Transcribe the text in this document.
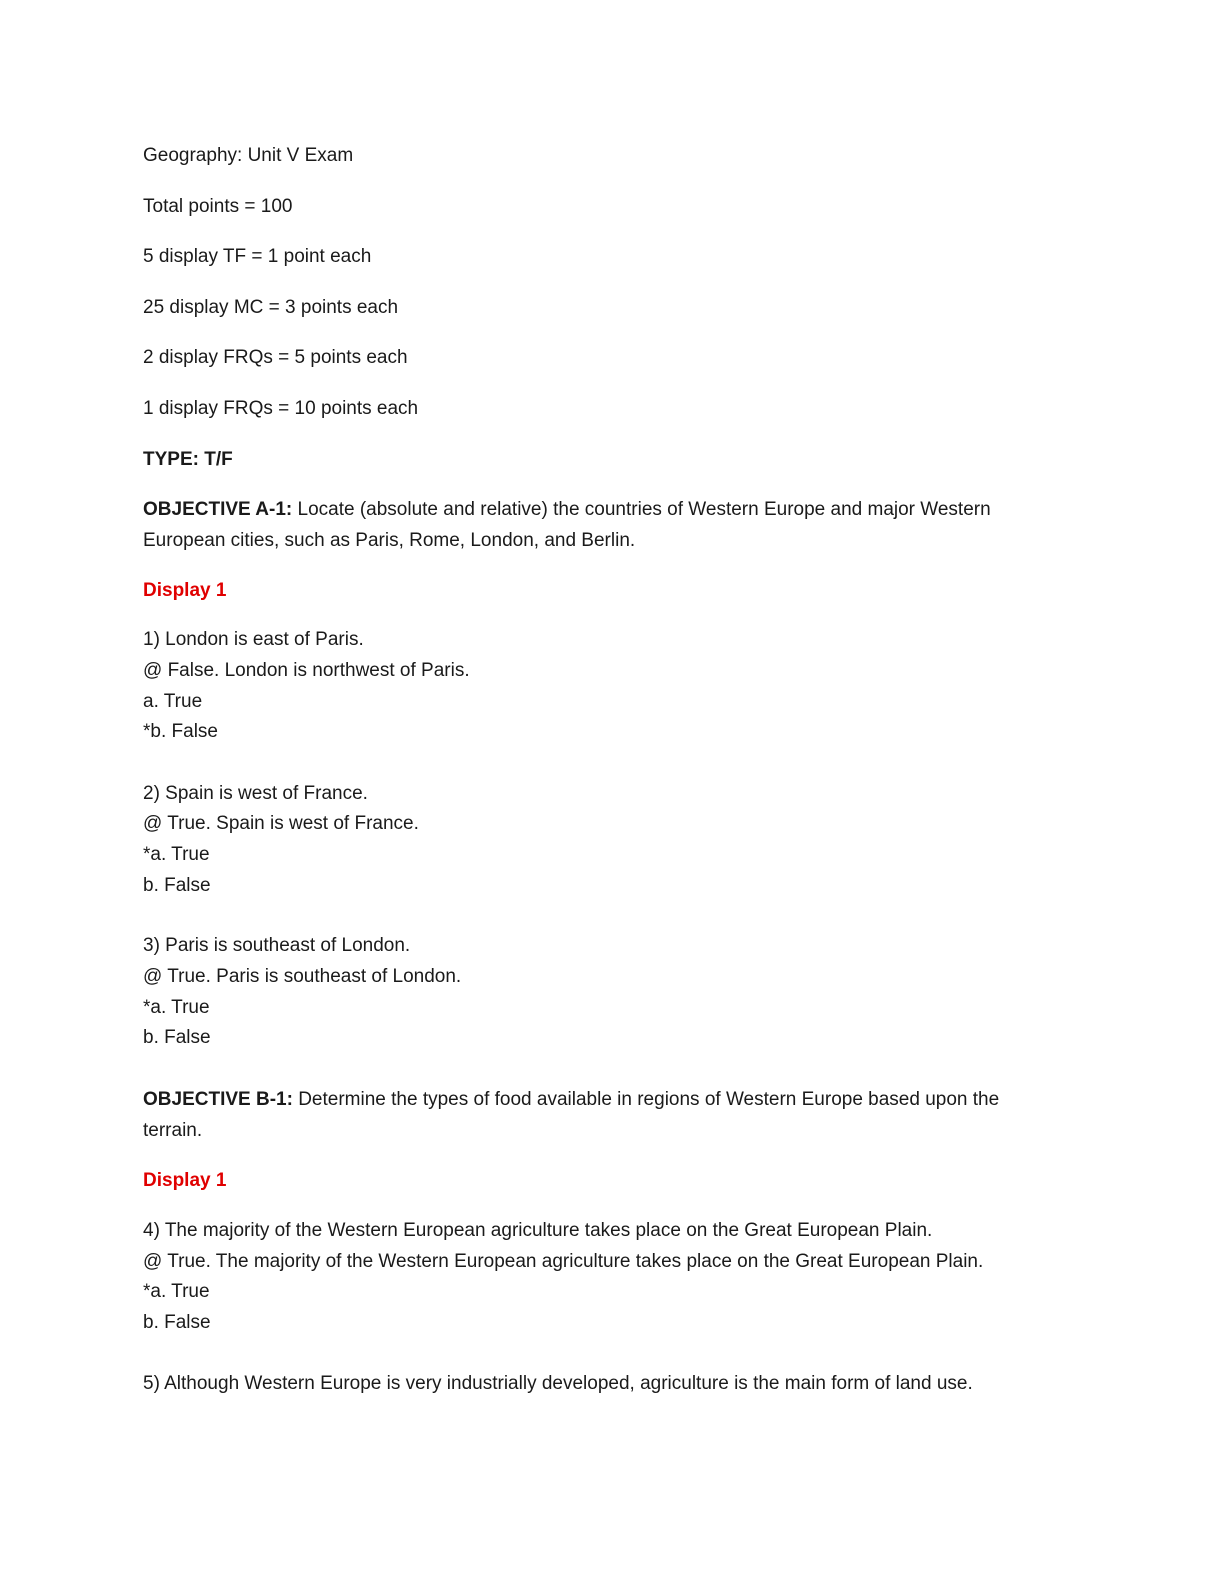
Geography: Unit V Exam
Total points = 100
5 display TF = 1 point each
25 display MC = 3 points each
2 display FRQs = 5 points each
1 display FRQs = 10 points each
TYPE: T/F
OBJECTIVE A-1: Locate (absolute and relative) the countries of Western Europe and major Western
European cities, such as Paris, Rome, London, and Berlin.
Display 1
1) London is east of Paris.
@ False. London is northwest of Paris.
a. True
*b. False
2) Spain is west of France.
@ True. Spain is west of France.
*a. True
b. False
3) Paris is southeast of London.
@ True. Paris is southeast of London.
*a. True
b. False
OBJECTIVE B-1: Determine the types of food available in regions of Western Europe based upon the
terrain.
Display 1
4) The majority of the Western European agriculture takes place on the Great European Plain.
@ True. The majority of the Western European agriculture takes place on the Great European Plain.
*a. True
b. False
5) Although Western Europe is very industrially developed, agriculture is the main form of land use.
